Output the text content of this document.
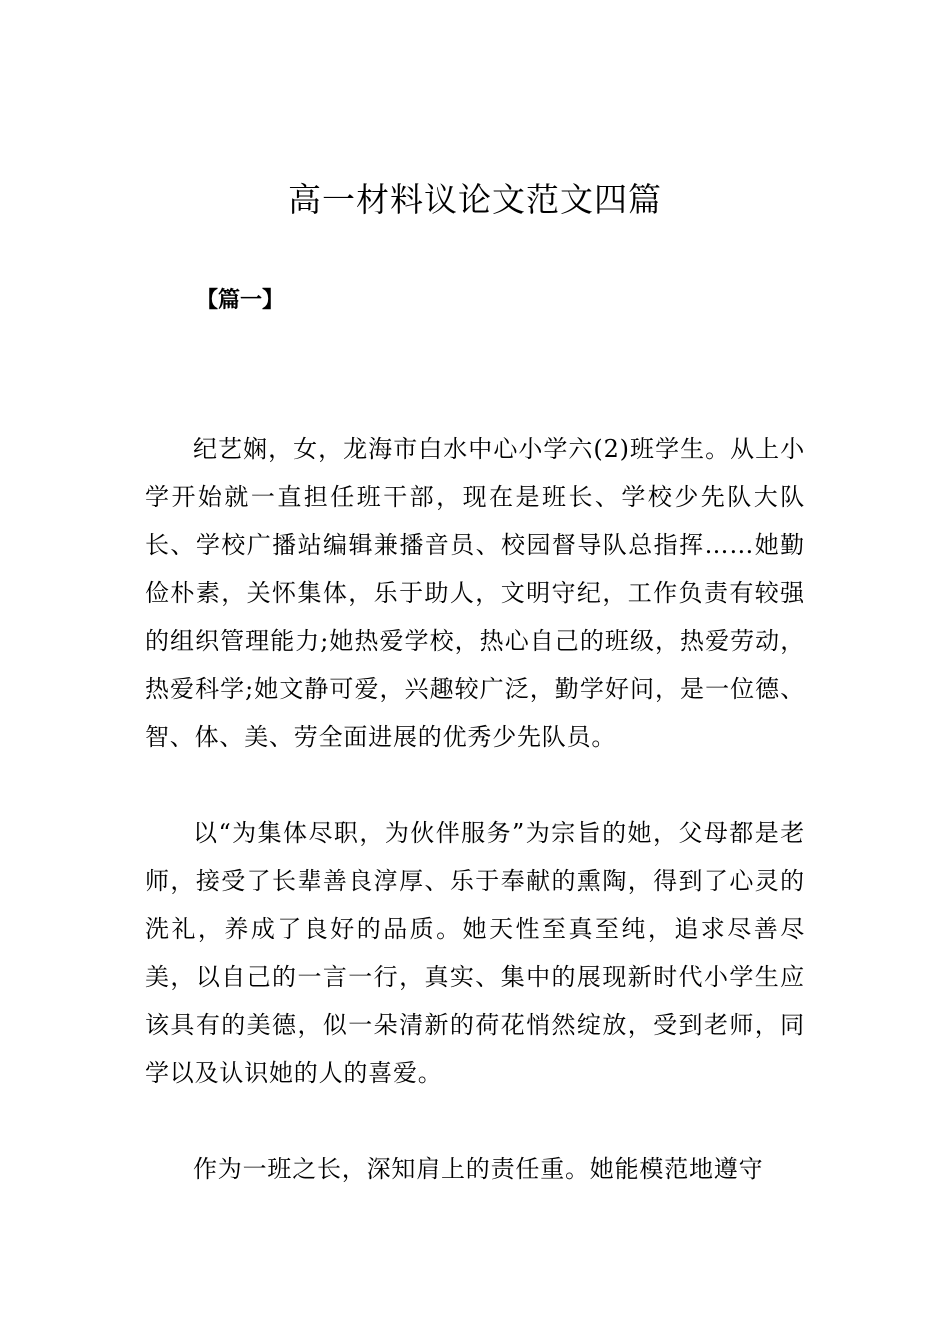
高一材料议论文范文四篇
【篇一】

纪艺娴，女，龙海市白水中心小学六(2)班学生。从上小学开始就一直担任班干部，现在是班长、学校少先队大队长、学校广播站编辑兼播音员、校园督导队总指挥……她勤俭朴素，关怀集体，乐于助人，文明守纪，工作负责有较强的组织管理能力;她热爱学校，热心自己的班级，热爱劳动，热爱科学;她文静可爱，兴趣较广泛，勤学好问，是一位德、智、体、美、劳全面进展的优秀少先队员。

以“为集体尽职，为伙伴服务”为宗旨的她，父母都是老师，接受了长辈善良淳厚、乐于奉献的熏陶，得到了心灵的洗礼，养成了良好的品质。她天性至真至纯，追求尽善尽美，以自己的一言一行，真实、集中的展现新时代小学生应该具有的美德，似一朵清新的荷花悄然绽放，受到老师，同学以及认识她的人的喜爱。

作为一班之长，深知肩上的责任重。她能模范地遵守
